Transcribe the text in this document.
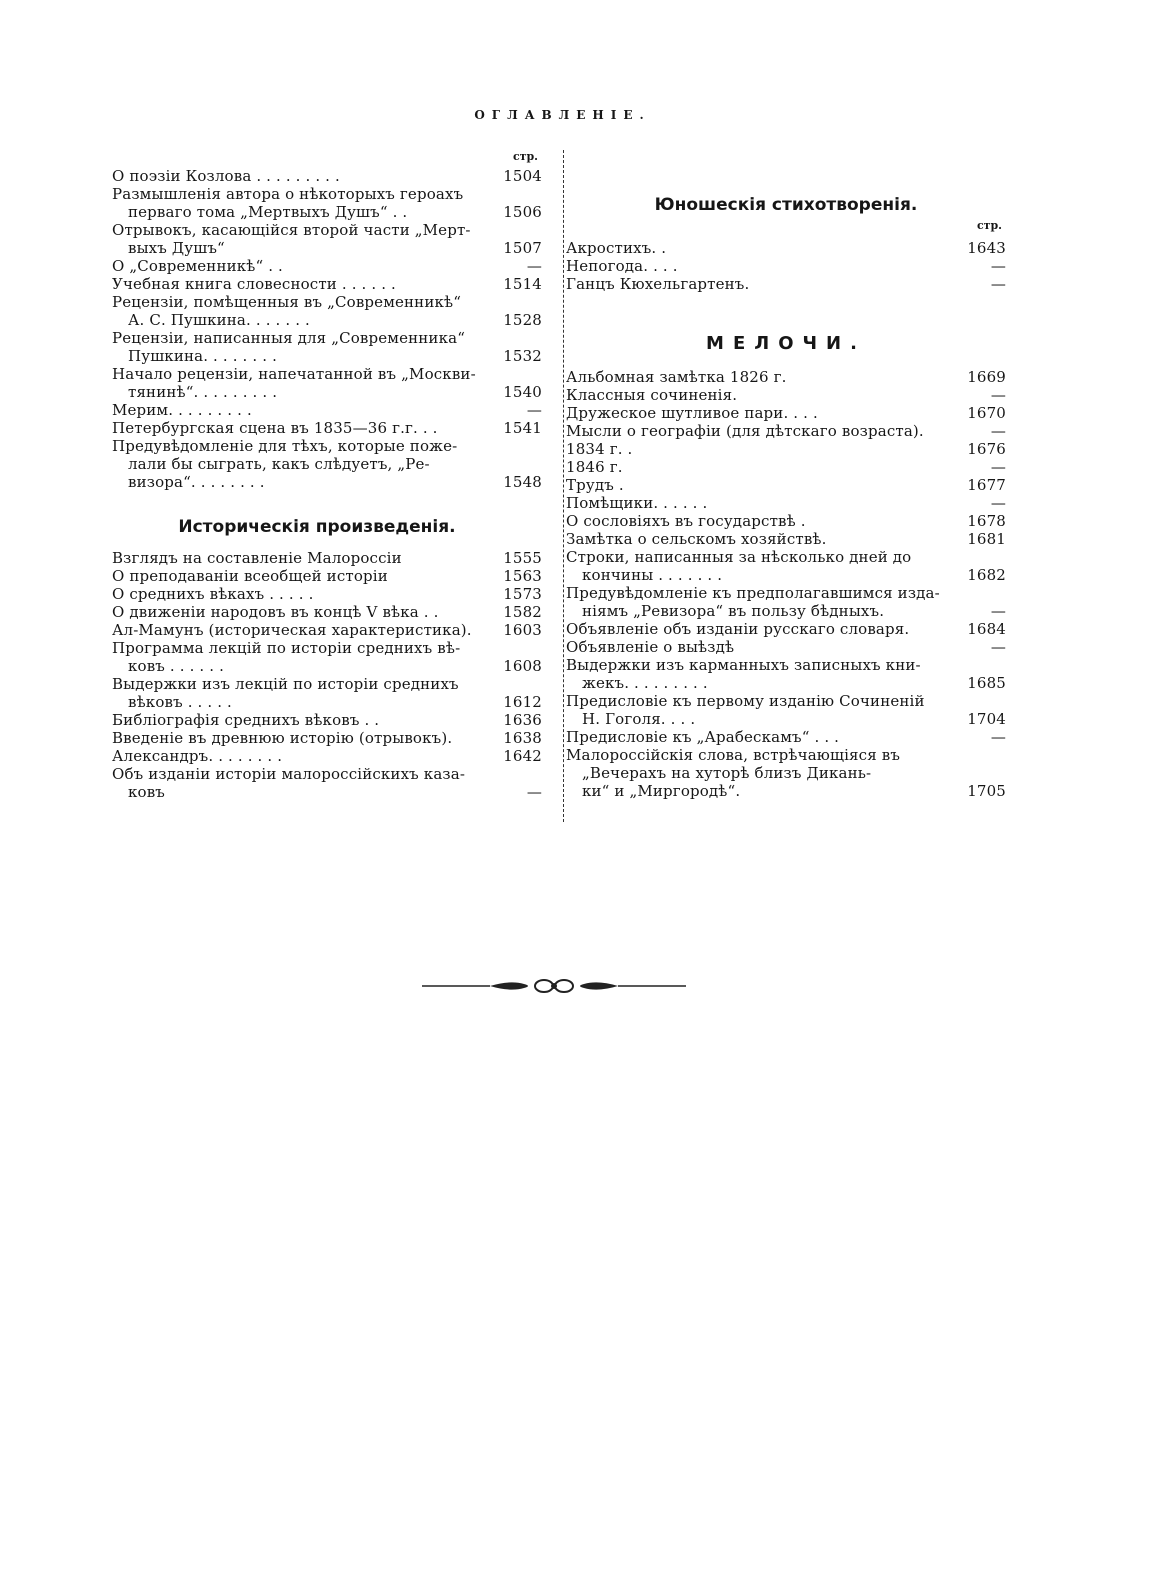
ОГЛАВЛЕНІЕ.
стр.
О поэзіи Козлова . . . . . . . . .	1504
Размышленія автора о нѣкоторыхъ героахъ
перваго тома „Мертвыхъ Душъ“ . .	1506
Отрывокъ, касающійся второй части „Мерт-
выхъ Душъ“	1507
О „Современникѣ“ . .	—
Учебная книга словесности . . . . . .	1514
Рецензіи, помѣщенныя въ „Современникѣ“
А. С. Пушкина. . . . . . .	1528
Рецензіи, написанныя для „Современника“
Пушкина. . . . . . . .	1532
Начало рецензіи, напечатанной въ „Москви-
тянинѣ“. . . . . . . . .	1540
Мерим. . . . . . . . .	—
Петербургская сцена въ 1835—36 г.г. . .	1541
Предувѣдомленіе для тѣхъ, которые поже-
лали бы сыграть, какъ слѣдуетъ, „Ре-
визора“. . . . . . . .	1548
Историческія произведенія.
Взглядъ на составленіе Малороссіи	1555
О преподаваніи всеобщей исторіи	1563
О среднихъ вѣкахъ . . . . .	1573
О движеніи народовъ въ концѣ V вѣка . .	1582
Ал-Мамунъ (историческая характеристика).	1603
Программа лекцій по исторіи среднихъ вѣ-
ковъ . . . . . .	1608
Выдержки изъ лекцій по исторіи среднихъ
вѣковъ . . . . .	1612
Библіографія среднихъ вѣковъ . .	1636
Введеніе въ древнюю исторію (отрывокъ).	1638
Александръ. . . . . . . .	1642
Объ изданіи исторіи малороссійскихъ каза-
ковъ	—
Юношескія стихотворенія.
стр.
Акростихъ. .	1643
Непогода. . . .	—
Ганцъ Кюхельгартенъ.	—
МЕЛОЧИ.
Альбомная замѣтка 1826 г.	1669
Классныя сочиненія.	—
Дружеское шутливое пари. . . .	1670
Мысли о географіи (для дѣтскаго возраста).	—
1834 г. .	1676
1846 г.	—
Трудъ .	1677
Помѣщики. . . . . .	—
О сословіяхъ въ государствѣ .	1678
Замѣтка о сельскомъ хозяйствѣ.	1681
Строки, написанныя за нѣсколько дней до
кончины . . . . . . .	1682
Предувѣдомленіе къ предполагавшимся изда-
ніямъ „Ревизора“ въ пользу бѣдныхъ.	—
Объявленіе объ изданіи русскаго словаря.	1684
Объявленіе о выѣздѣ	—
Выдержки изъ карманныхъ записныхъ кни-
жекъ. . . . . . . . .	1685
Предисловіе къ первому изданію Сочиненій
Н. Гоголя. . . .	1704
Предисловіе къ „Арабескамъ“ . . .	—
Малороссійскія слова, встрѣчающіяся въ
„Вечерахъ на хуторѣ близъ Дикань-
ки“ и „Миргородѣ“.	1705
